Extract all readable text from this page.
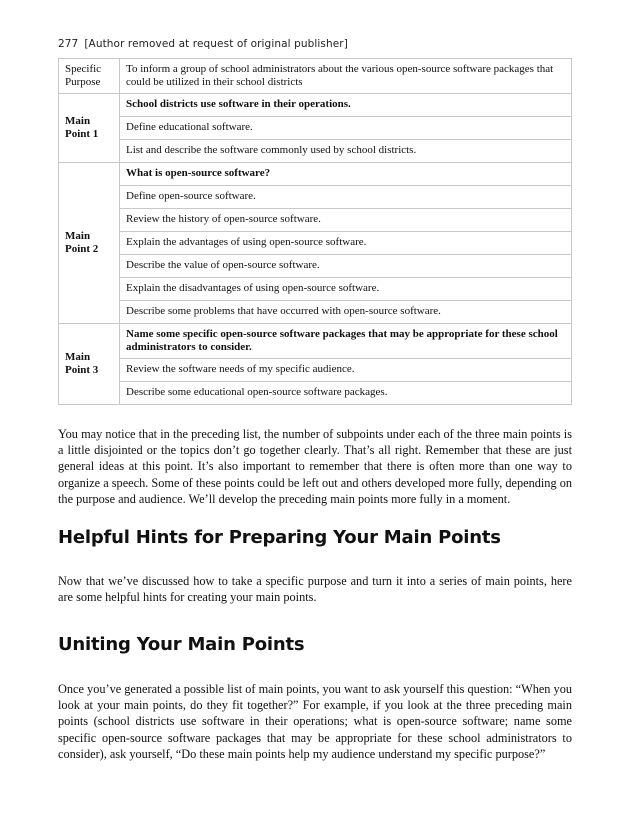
277 [Author removed at request of original publisher]
Specific Purpose	To inform a group of school administrators about the various open-source software packages that could be utilized in their school districts
Main Point 1	School districts use software in their operations.
	Define educational software.
	List and describe the software commonly used by school districts.
Main Point 2	What is open-source software?
	Define open-source software.
	Review the history of open-source software.
	Explain the advantages of using open-source software.
	Describe the value of open-source software.
	Explain the disadvantages of using open-source software.
	Describe some problems that have occurred with open-source software.
Main Point 3	Name some specific open-source software packages that may be appropriate for these school administrators to consider.
	Review the software needs of my specific audience.
	Describe some educational open-source software packages.

You may notice that in the preceding list, the number of subpoints under each of the three main points is a little disjointed or the topics don’t go together clearly. That’s all right. Remember that these are just general ideas at this point. It’s also important to remember that there is often more than one way to organize a speech. Some of these points could be left out and others developed more fully, depending on the purpose and audience. We’ll develop the preceding main points more fully in a moment.

Helpful Hints for Preparing Your Main Points

Now that we’ve discussed how to take a specific purpose and turn it into a series of main points, here are some helpful hints for creating your main points.

Uniting Your Main Points

Once you’ve generated a possible list of main points, you want to ask yourself this question: “When you look at your main points, do they fit together?” For example, if you look at the three preceding main points (school districts use software in their operations; what is open-source software; name some specific open-source software packages that may be appropriate for these school administrators to consider), ask yourself, “Do these main points help my audience understand my specific purpose?”
